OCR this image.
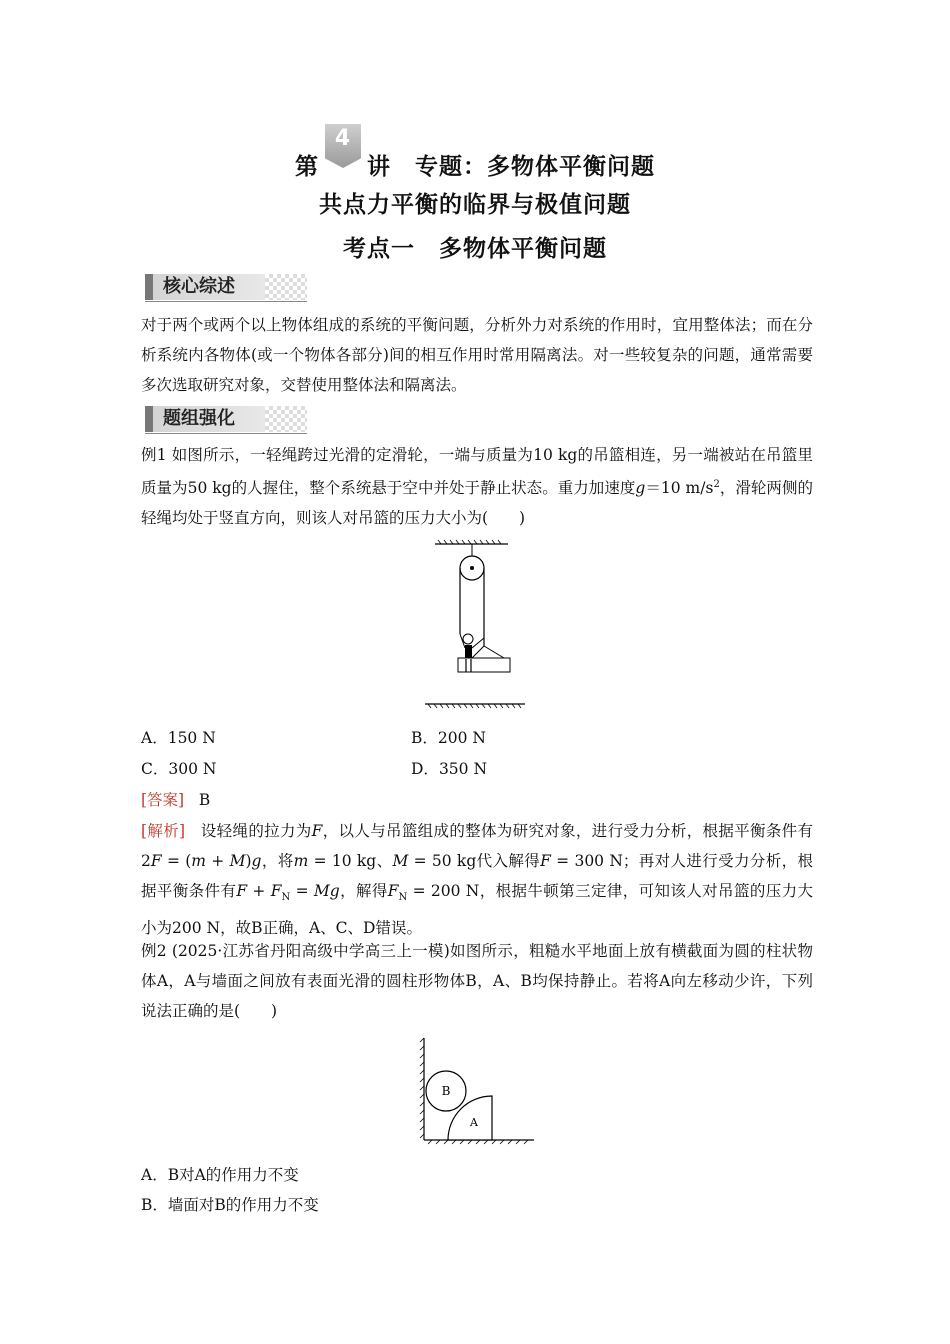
第
4
讲　专题：多物体平衡问题
共点力平衡的临界与极值问题
考点一　多物体平衡问题
核心综述
对于两个或两个以上物体组成的系统的平衡问题，分析外力对系统的作用时，宜用整体法；而在分析系统内各物体(或一个物体各部分)间的相互作用时常用隔离法。对一些较复杂的问题，通常需要多次选取研究对象，交替使用整体法和隔离法。
题组强化
例1 如图所示，一轻绳跨过光滑的定滑轮，一端与质量为10 kg的吊篮相连，另一端被站在吊篮里质量为50 kg的人握住，整个系统悬于空中并处于静止状态。重力加速度g＝10 $m/s^2$，滑轮两侧的轻绳均处于竖直方向，则该人对吊篮的压力大小为(　　)
A．150 N	B．200 N
C．300 N	D．350 N
[答案] B
[解析] 设轻绳的拉力为F，以人与吊篮组成的整体为研究对象，进行受力分析，根据平衡条件有2F = (m + M)g，将m = 10 kg、M = 50 kg代入解得F = 300 N；再对人进行受力分析，根据平衡条件有$F + F_N = Mg$，解得$F_N = 200$ N，根据牛顿第三定律，可知该人对吊篮的压力大小为200 N，故B正确，A、C、D错误。
例2 (2025·江苏省丹阳高级中学高三上一模)如图所示，粗糙水平地面上放有横截面为圆的柱状物体A，A与墙面之间放有表面光滑的圆柱形物体B，A、B均保持静止。若将A向左移动少许，下列说法正确的是(　　)
B
A
A．B对A的作用力不变
B．墙面对B的作用力不变
